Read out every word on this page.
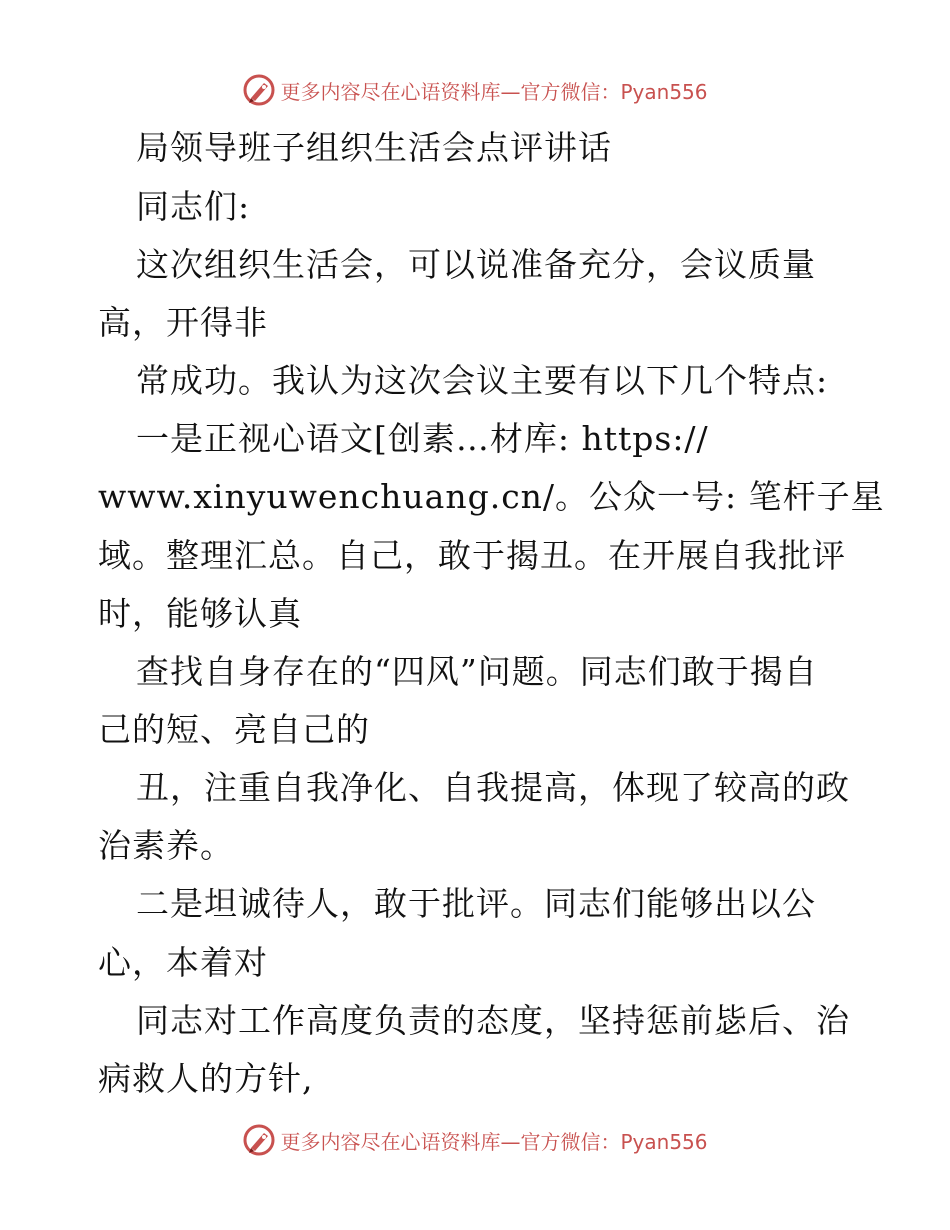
更多内容尽在心语资料库—官方微信：Pyan556
局领导班子组织生活会点评讲话
同志们:
这次组织生活会，可以说准备充分，会议质量
高，开得非
常成功。我认为这次会议主要有以下几个特点:
一是正视心语文[创素…材库: https://
www.xinyuwenchuang.cn/。公众一号: 笔杆子星
域。整理汇总。自己，敢于揭丑。在开展自我批评
时，能够认真
查找自身存在的“四风”问题。同志们敢于揭自
己的短、亮自己的
丑，注重自我净化、自我提高，体现了较高的政
治素养。
二是坦诚待人，敢于批评。同志们能够出以公
心，本着对
同志对工作高度负责的态度，坚持惩前毖后、治
病救人的方针,
更多内容尽在心语资料库—官方微信：Pyan556
